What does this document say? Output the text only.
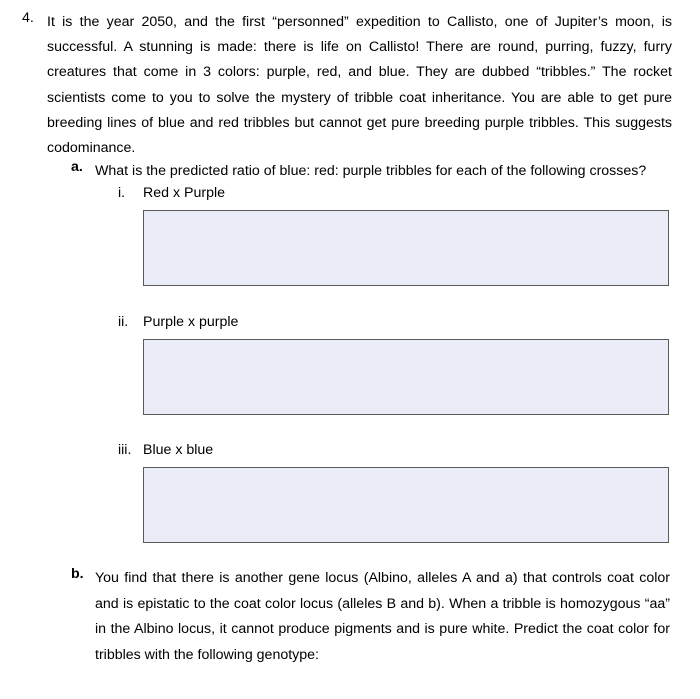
4. It is the year 2050, and the first “personned” expedition to Callisto, one of Jupiter’s moon, is successful. A stunning is made: there is life on Callisto! There are round, purring, fuzzy, furry creatures that come in 3 colors: purple, red, and blue. They are dubbed “tribbles.” The rocket scientists come to you to solve the mystery of tribble coat inheritance. You are able to get pure breeding lines of blue and red tribbles but cannot get pure breeding purple tribbles. This suggests codominance.
a. What is the predicted ratio of blue: red: purple tribbles for each of the following crosses?
i. Red x Purple
ii. Purple x purple
iii. Blue x blue
b. You find that there is another gene locus (Albino, alleles A and a) that controls coat color and is epistatic to the coat color locus (alleles B and b). When a tribble is homozygous “aa” in the Albino locus, it cannot produce pigments and is pure white. Predict the coat color for tribbles with the following genotype:
